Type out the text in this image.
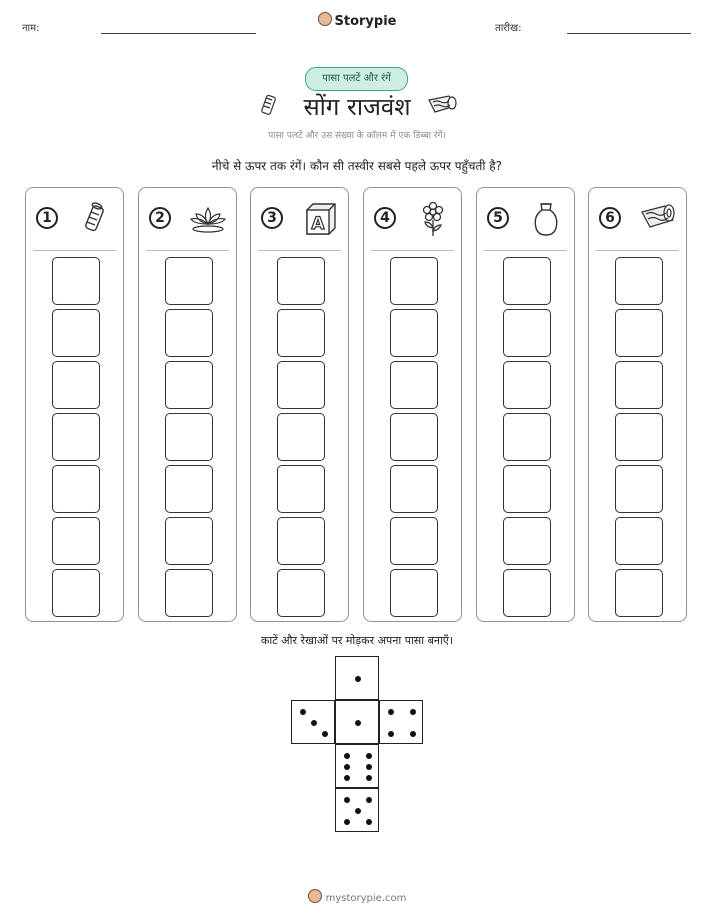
नाम:	Storypie	तारीख:
पासा पलटें और रंगें
सोंग राजवंश
पासा पलटें और उस संख्या के कॉलम में एक डिब्बा रंगें।
नीचे से ऊपर तक रंगें। कौन सी तस्वीर सबसे पहले ऊपर पहुँचती है?
1	2	3	A	4	5	6
काटें और रेखाओं पर मोड़कर अपना पासा बनाएँ।
mystorypie.com
